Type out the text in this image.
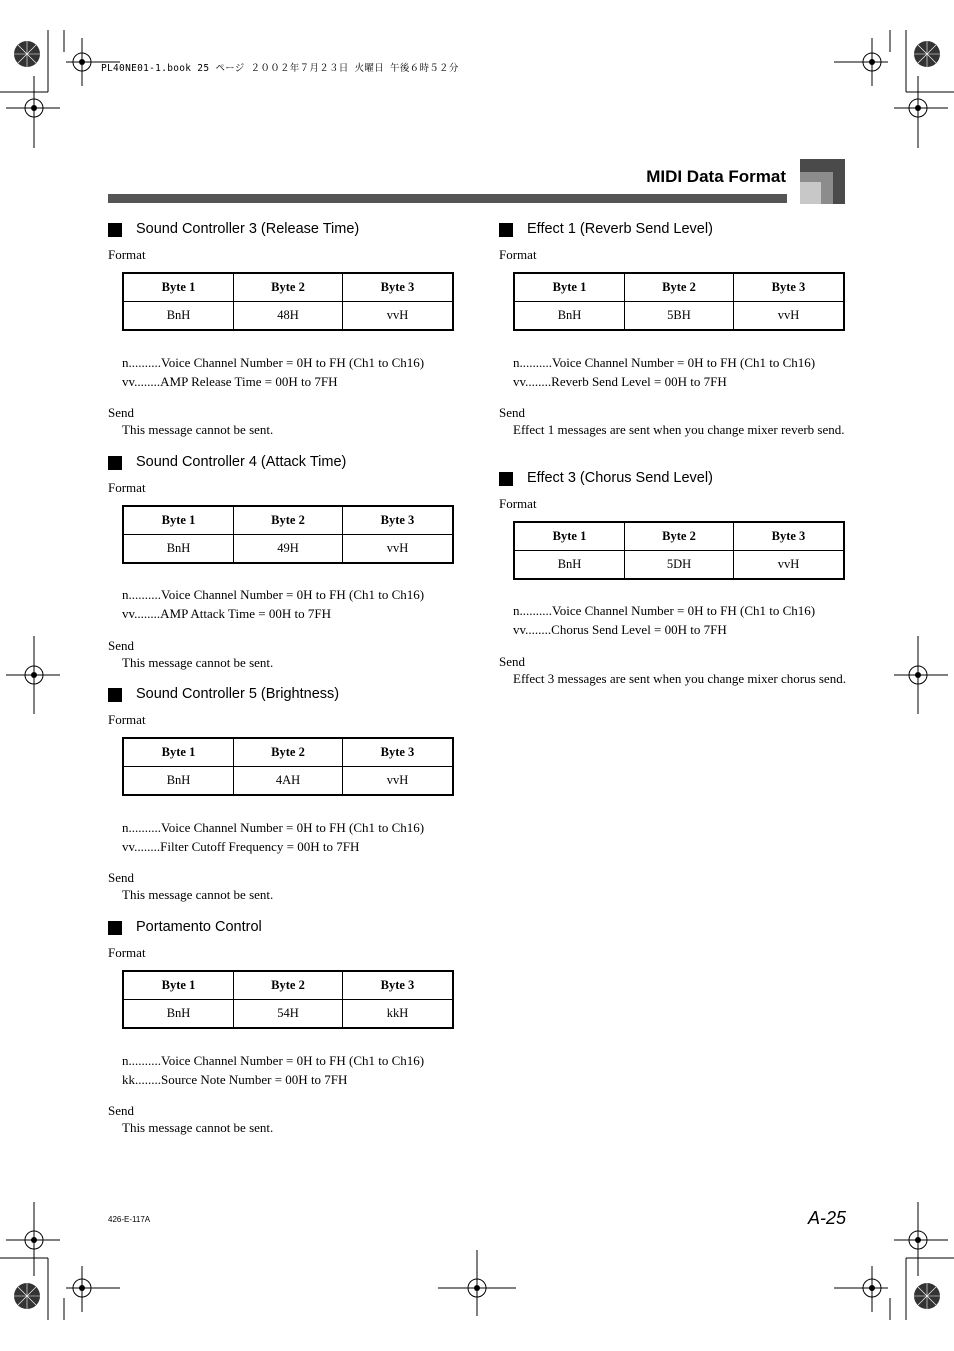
PL40NE01-1.book 25 ページ ２００２年７月２３日 火曜日 午後６時５２分
MIDI Data Format
Sound Controller 3 (Release Time)
Format
Byte 1	Byte 2	Byte 3
BnH	48H	vvH
n..........Voice Channel Number = 0H to FH (Ch1 to Ch16)
vv........AMP Release Time = 00H to 7FH
Send
This message cannot be sent.
Sound Controller 4 (Attack Time)
Format
Byte 1	Byte 2	Byte 3
BnH	49H	vvH
n..........Voice Channel Number = 0H to FH (Ch1 to Ch16)
vv........AMP Attack Time = 00H to 7FH
Send
This message cannot be sent.
Sound Controller 5 (Brightness)
Format
Byte 1	Byte 2	Byte 3
BnH	4AH	vvH
n..........Voice Channel Number = 0H to FH (Ch1 to Ch16)
vv........Filter Cutoff Frequency = 00H to 7FH
Send
This message cannot be sent.
Portamento Control
Format
Byte 1	Byte 2	Byte 3
BnH	54H	kkH
n..........Voice Channel Number = 0H to FH (Ch1 to Ch16)
kk........Source Note Number = 00H to 7FH
Send
This message cannot be sent.
Effect 1 (Reverb Send Level)
Format
Byte 1	Byte 2	Byte 3
BnH	5BH	vvH
n..........Voice Channel Number = 0H to FH (Ch1 to Ch16)
vv........Reverb Send Level = 00H to 7FH
Send
Effect 1 messages are sent when you change mixer reverb send.
Effect 3 (Chorus Send Level)
Format
Byte 1	Byte 2	Byte 3
BnH	5DH	vvH
n..........Voice Channel Number = 0H to FH (Ch1 to Ch16)
vv........Chorus Send Level = 00H to 7FH
Send
Effect 3 messages are sent when you change mixer chorus send.
426-E-117A	A-25
